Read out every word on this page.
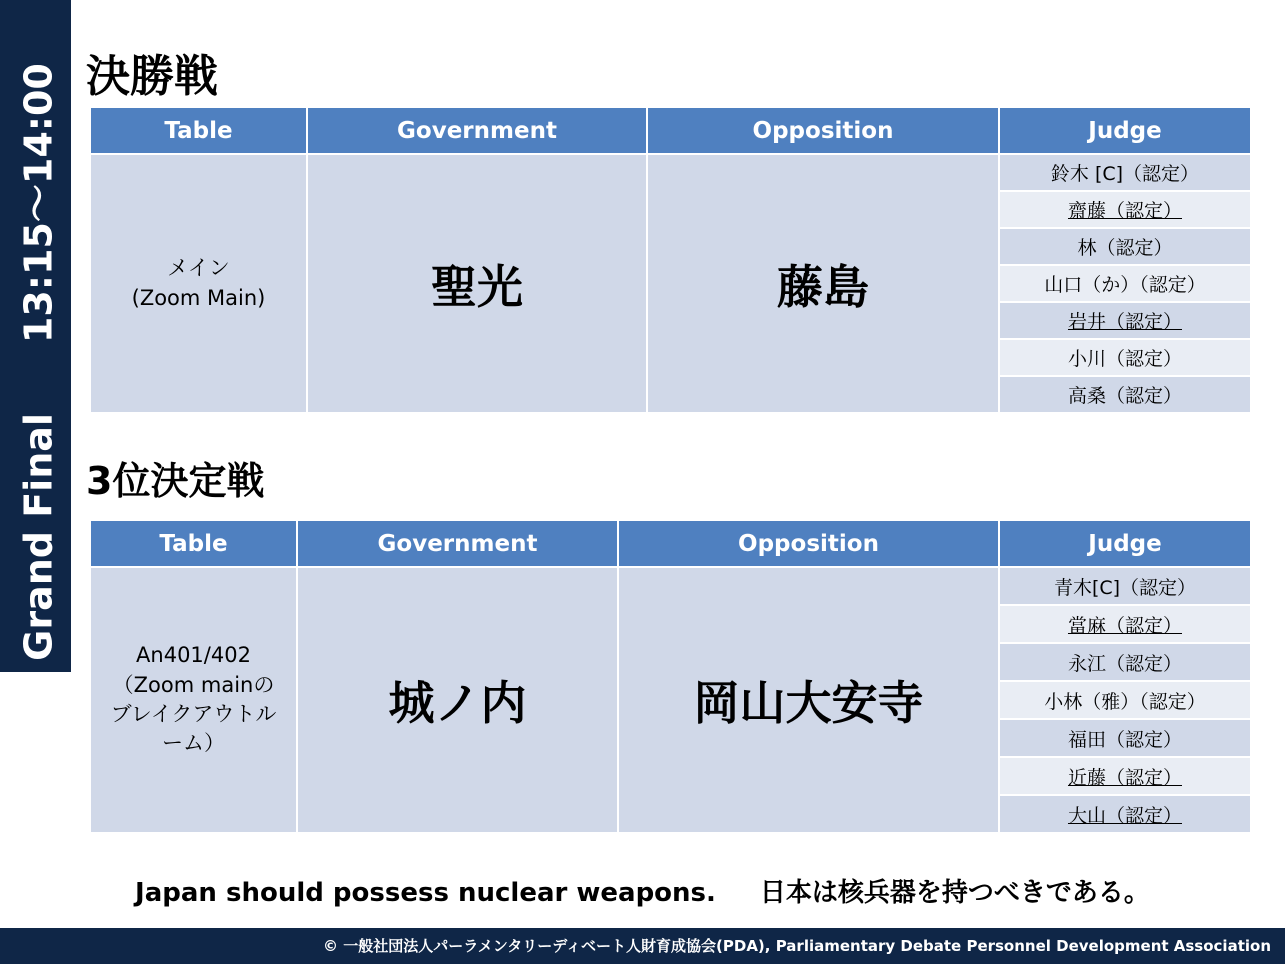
Grand Final13:15～14:00 決勝戦
Table	Government	Opposition	Judge

メイン
(Zoom Main)	聖光	藤島	鈴木 [C]（認定）
			齋藤（認定）
			林（認定）
			山口（か）（認定）
			岩井（認定）
			小川（認定）
			高桑（認定）
3位決定戦
Table	Government	Opposition	Judge

An401/402
（Zoom mainのブレイクアウトルーム）	城ノ内	岡山大安寺	青木[C]（認定）
			當麻（認定）
			永江（認定）
			小林（雅）（認定）
			福田（認定）
			近藤（認定）
			大山（認定）
Japan should possess nuclear weapons. 日本は核兵器を持つべきである。
© 一般社団法人パーラメンタリーディベート人財育成協会(PDA), Parliamentary Debate Personnel Development Association
